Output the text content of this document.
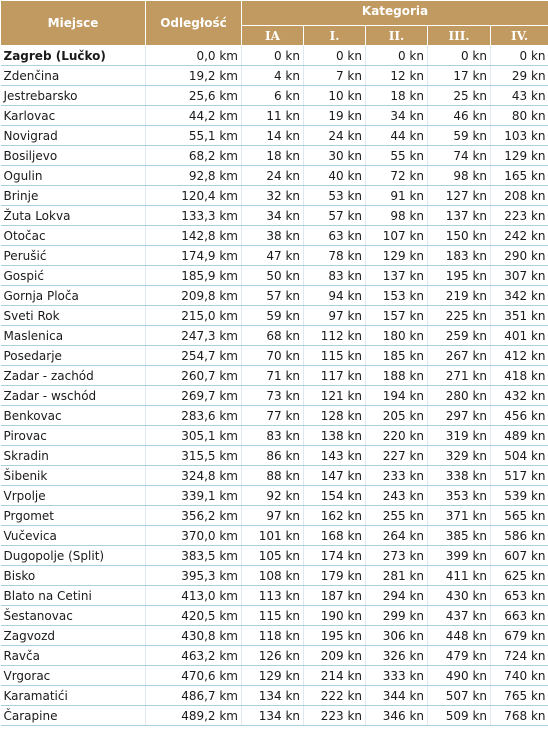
Miejsce	Odległość	Kategoria				
		IA	I.	II.	III.	IV.
Zagreb (Lučko)	0,0 km	0 kn	0 kn	0 kn	0 kn	0 kn
Zdenčina	19,2 km	4 kn	7 kn	12 kn	17 kn	29 kn
Jestrebarsko	25,6 km	6 kn	10 kn	18 kn	25 kn	43 kn
Karlovac	44,2 km	11 kn	19 kn	34 kn	46 kn	80 kn
Novigrad	55,1 km	14 kn	24 kn	44 kn	59 kn	103 kn
Bosiljevo	68,2 km	18 kn	30 kn	55 kn	74 kn	129 kn
Ogulin	92,8 km	24 kn	40 kn	72 kn	98 kn	165 kn
Brinje	120,4 km	32 kn	53 kn	91 kn	127 kn	208 kn
Žuta Lokva	133,3 km	34 kn	57 kn	98 kn	137 kn	223 kn
Otočac	142,8 km	38 kn	63 kn	107 kn	150 kn	242 kn
Perušić	174,9 km	47 kn	78 kn	129 kn	183 kn	290 kn
Gospić	185,9 km	50 kn	83 kn	137 kn	195 kn	307 kn
Gornja Ploča	209,8 km	57 kn	94 kn	153 kn	219 kn	342 kn
Sveti Rok	215,0 km	59 kn	97 kn	157 kn	225 kn	351 kn
Maslenica	247,3 km	68 kn	112 kn	180 kn	259 kn	401 kn
Posedarje	254,7 km	70 kn	115 kn	185 kn	267 kn	412 kn
Zadar - zachód	260,7 km	71 kn	117 kn	188 kn	271 kn	418 kn
Zadar - wschód	269,7 km	73 kn	121 kn	194 kn	280 kn	432 kn
Benkovac	283,6 km	77 kn	128 kn	205 kn	297 kn	456 kn
Pirovac	305,1 km	83 kn	138 kn	220 kn	319 kn	489 kn
Skradin	315,5 km	86 kn	143 kn	227 kn	329 kn	504 kn
Šibenik	324,8 km	88 kn	147 kn	233 kn	338 kn	517 kn
Vrpolje	339,1 km	92 kn	154 kn	243 kn	353 kn	539 kn
Prgomet	356,2 km	97 kn	162 kn	255 kn	371 kn	565 kn
Vučevica	370,0 km	101 kn	168 kn	264 kn	385 kn	586 kn
Dugopolje (Split)	383,5 km	105 kn	174 kn	273 kn	399 kn	607 kn
Bisko	395,3 km	108 kn	179 kn	281 kn	411 kn	625 kn
Blato na Cetini	413,0 km	113 kn	187 kn	294 kn	430 kn	653 kn
Šestanovac	420,5 km	115 kn	190 kn	299 kn	437 kn	663 kn
Zagvozd	430,8 km	118 kn	195 kn	306 kn	448 kn	679 kn
Ravča	463,2 km	126 kn	209 kn	326 kn	479 kn	724 kn
Vrgorac	470,6 km	129 kn	214 kn	333 kn	490 kn	740 kn
Karamatići	486,7 km	134 kn	222 kn	344 kn	507 kn	765 kn
Čarapine	489,2 km	134 kn	223 kn	346 kn	509 kn	768 kn
